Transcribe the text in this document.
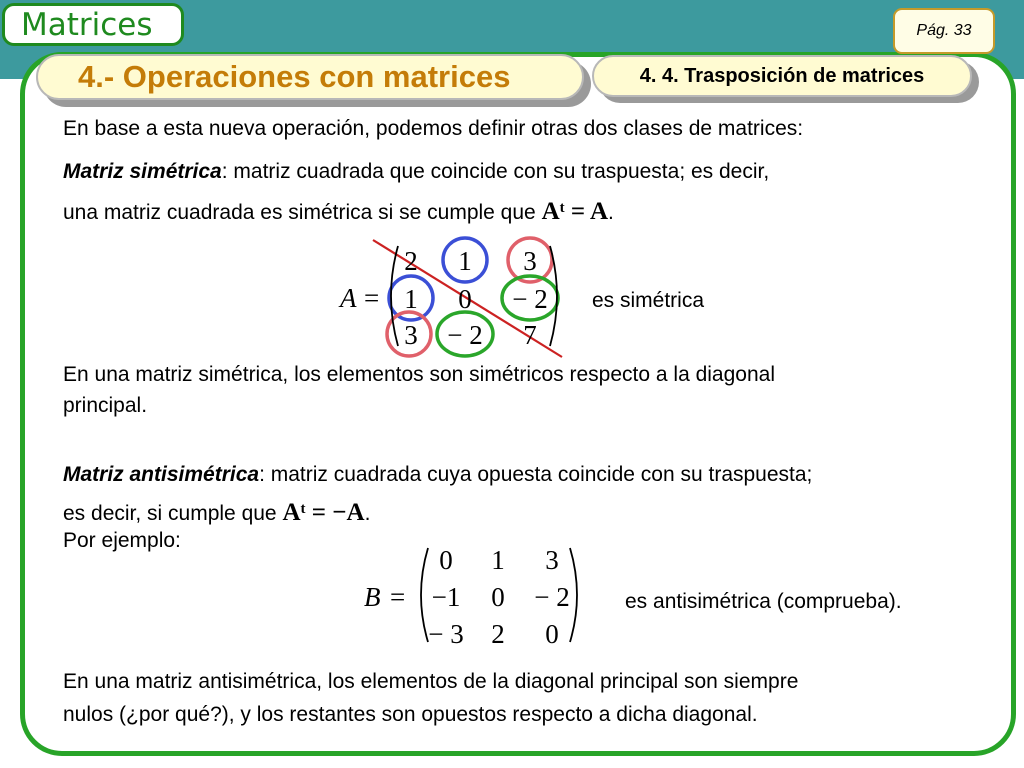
Matrices	Pág. 33
4.- Operaciones con matrices	4. 4. Trasposición de matrices
En base a esta nueva operación, podemos definir otras dos clases de matrices:
Matriz simétrica: matriz cuadrada que coincide con su traspuesta; es decir,
una matriz cuadrada es simétrica si se cumple que $A^t = A$.
A =
2 1 3
1 0 − 2
3 − 2 7
es simétrica
B =
0 1 3
−1 0 − 2
− 3 2 0
es antisimétrica (comprueba).
En una matriz simétrica, los elementos son simétricos respecto a la diagonal
principal.
Matriz antisimétrica: matriz cuadrada cuya opuesta coincide con su traspuesta;
es decir, si cumple que $A^t = -A$.
Por ejemplo:
En una matriz antisimétrica, los elementos de la diagonal principal son siempre
nulos (¿por qué?), y los restantes son opuestos respecto a dicha diagonal.
